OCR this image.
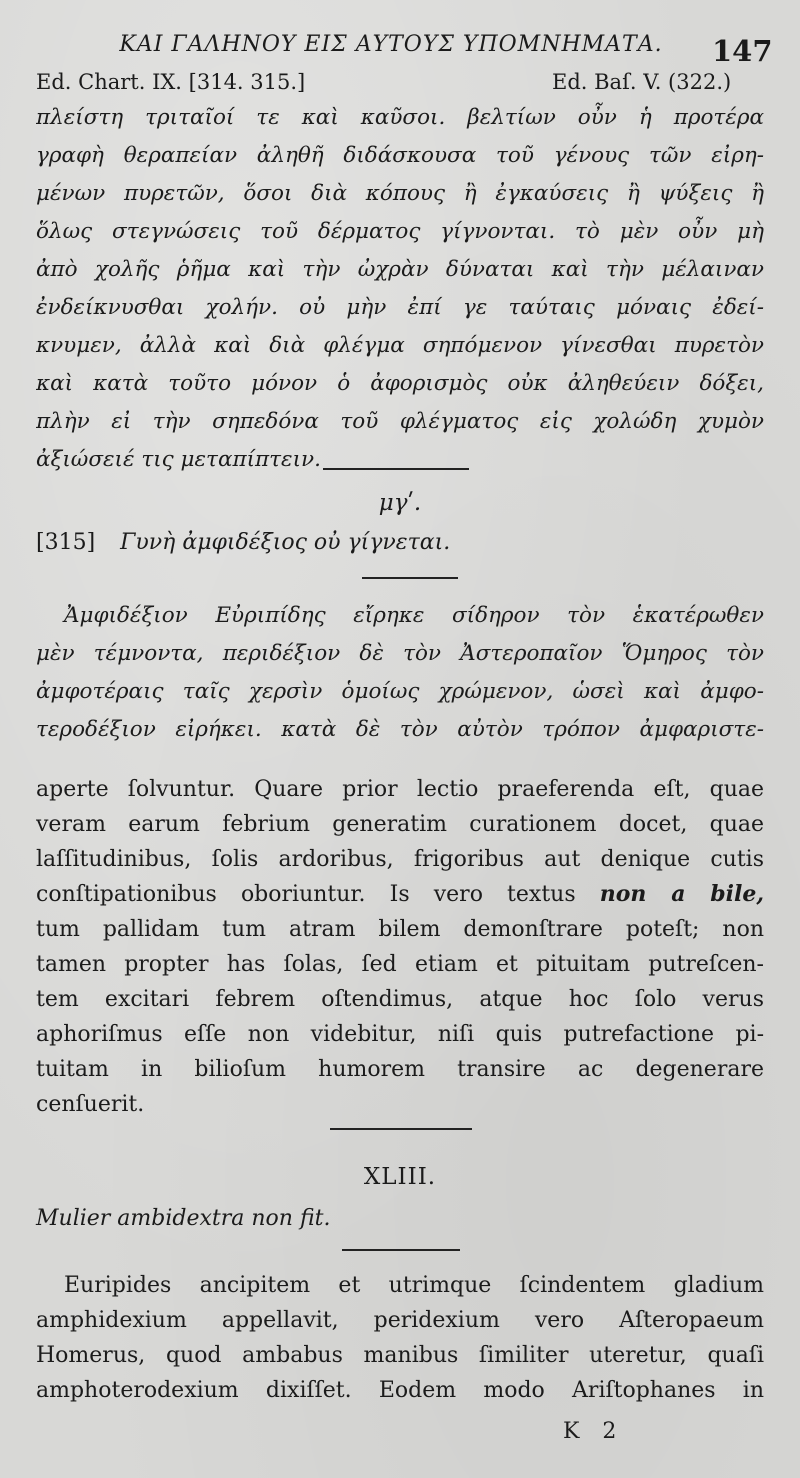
ΚΑΙ ΓΑΛΗΝΟΥ ΕΙΣ ΑΥΤΟΥΣ ΥΠΟΜΝΗΜΑΤΑ.	147
Ed. Chart. IX. [314. 315.]	Ed. Baſ. V. (322.)
πλείστη τριταῖοί τε καὶ καῦσοι. βελτίων οὖν ἡ προτέρα
γραφὴ θεραπείαν ἀληθῆ διδάσκουσα τοῦ γένους τῶν εἰρη-
μένων πυρετῶν, ὅσοι διὰ κόπους ἢ ἐγκαύσεις ἢ ψύξεις ἢ
ὅλως στεγνώσεις τοῦ δέρματος γίγνονται. τὸ μὲν οὖν μὴ
ἀπὸ χολῆς ῥῆμα καὶ τὴν ὠχρὰν δύναται καὶ τὴν μέλαιναν
ἐνδείκνυσθαι χολήν. οὐ μὴν ἐπί γε ταύταις μόναις ἐδεί-
κνυμεν, ἀλλὰ καὶ διὰ φλέγμα σηπόμενον γίνεσθαι πυρετὸν
καὶ κατὰ τοῦτο μόνον ὁ ἀφορισμὸς οὐκ ἀληθεύειν δόξει,
πλὴν εἰ τὴν σηπεδόνα τοῦ φλέγματος εἰς χολώδη χυμὸν
ἀξιώσειέ τις μεταπίπτειν.
μγʹ.
[315] Γυνὴ ἀμφιδέξιος οὐ γίγνεται.
Ἀμφιδέξιον Εὐριπίδης εἴρηκε σίδηρον τὸν ἑκατέρωθεν
μὲν τέμνοντα, περιδέξιον δὲ τὸν Ἀστεροπαῖον Ὅμηρος τὸν
ἀμφοτέραις ταῖς χερσὶν ὁμοίως χρώμενον, ὡσεὶ καὶ ἀμφο-
τεροδέξιον εἰρήκει. κατὰ δὲ τὸν αὐτὸν τρόπον ἀμφαριστε-
aperte ſolvuntur. Quare prior lectio praeferenda eſt, quae
veram earum febrium generatim curationem docet, quae
laſſitudinibus, ſolis ardoribus, frigoribus aut denique cutis
conſtipationibus oboriuntur. Is vero textus non a bile,
tum pallidam tum atram bilem demonſtrare poteſt; non
tamen propter has ſolas, ſed etiam et pituitam putreſcen-
tem excitari febrem oſtendimus, atque hoc ſolo verus
aphoriſmus eſſe non videbitur, niſi quis putrefactione pi-
tuitam in bilioſum humorem transire ac degenerare
cenſuerit.
XLIII.
Mulier ambidextra non fit.
Euripides ancipitem et utrimque ſcindentem gladium
amphidexium appellavit, peridexium vero Aſteropaeum
Homerus, quod ambabus manibus ſimiliter uteretur, quaſi
amphoterodexium dixiſſet. Eodem modo Ariſtophanes in
K 2
